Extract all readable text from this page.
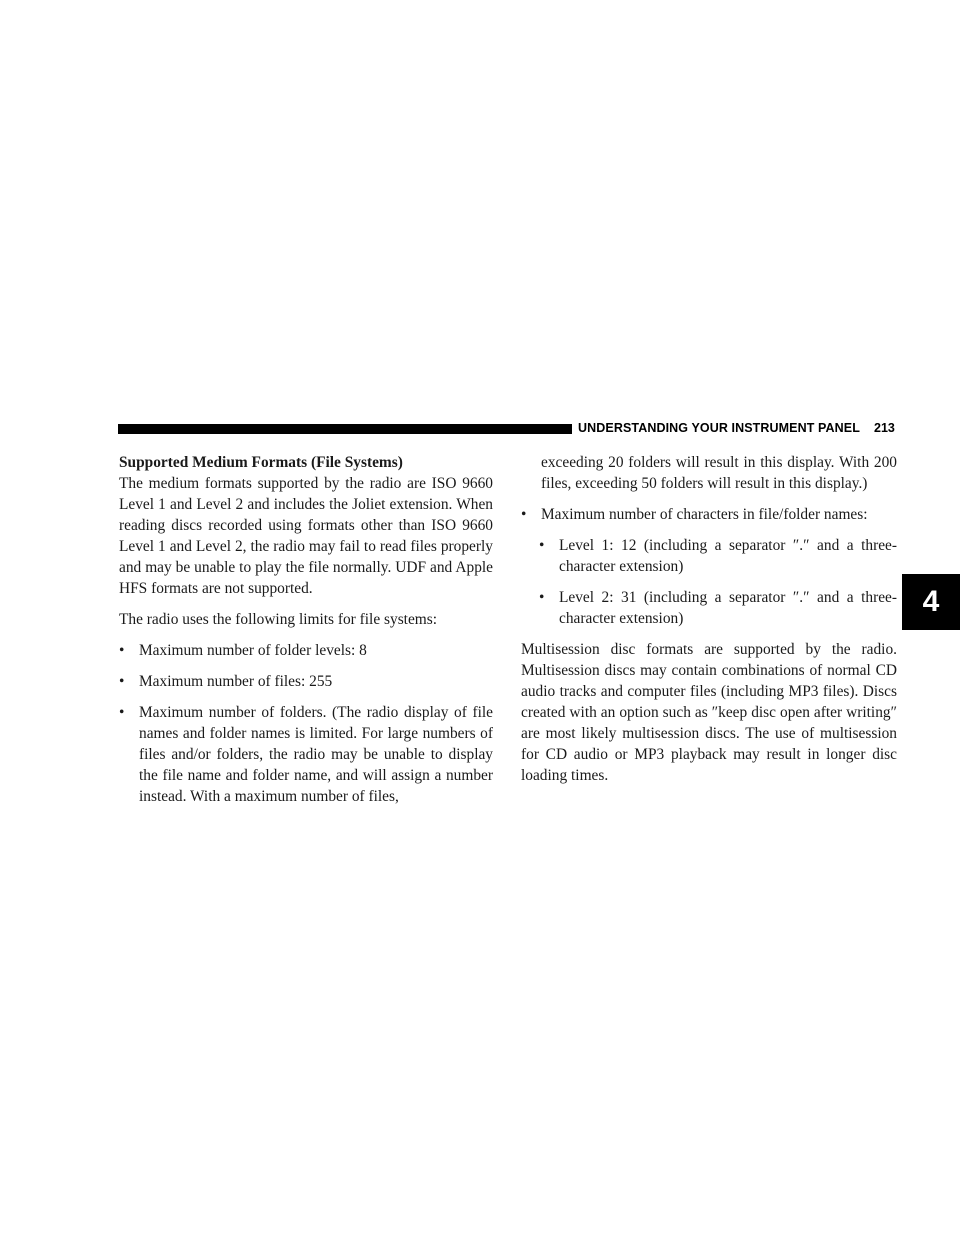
UNDERSTANDING YOUR INSTRUMENT PANEL 213
4

Supported Medium Formats (File Systems)

The medium formats supported by the radio are ISO 9660 Level 1 and Level 2 and includes the Joliet extension. When reading discs recorded using formats other than ISO 9660 Level 1 and Level 2, the radio may fail to read files properly and may be unable to play the file normally. UDF and Apple HFS formats are not supported.

The radio uses the following limits for file systems:

• Maximum number of folder levels: 8
• Maximum number of files: 255
• Maximum number of folders. (The radio display of file names and folder names is limited. For large numbers of files and/or folders, the radio may be unable to display the file name and folder name, and will assign a number instead. With a maximum number of files,

exceeding 20 folders will result in this display. With 200 files, exceeding 50 folders will result in this display.)

• Maximum number of characters in file/folder names:
• Level 1: 12 (including a separator ″.″ and a three-character extension)
• Level 2: 31 (including a separator ″.″ and a three-character extension)

Multisession disc formats are supported by the radio. Multisession discs may contain combinations of normal CD audio tracks and computer files (including MP3 files). Discs created with an option such as ″keep disc open after writing″ are most likely multisession discs. The use of multisession for CD audio or MP3 playback may result in longer disc loading times.
